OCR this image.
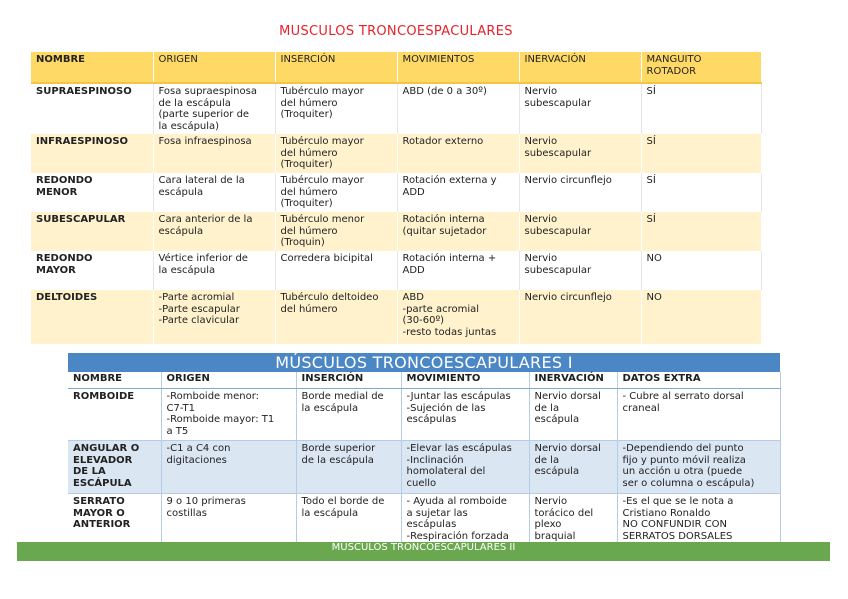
MUSCULOS TRONCOESPACULARES
NOMBRE	ORIGEN	INSERCIÓN	MOVIMIENTOS	INERVACIÓN	MANGUITO
ROTADOR
SUPRAESPINOSO	Fosa supraespinosa
de la escápula
(parte superior de
la escápula)	Tubérculo mayor
del húmero
(Troquiter)	ABD (de 0 a 30º)	Nervio
subescapular	SÍ
INFRAESPINOSO	Fosa infraespinosa	Tubérculo mayor
del húmero
(Troquiter)	Rotador externo	Nervio
subescapular	SÍ
REDONDO
MENOR	Cara lateral de la
escápula	Tubérculo mayor
del húmero
(Troquiter)	Rotación externa y
ADD	Nervio circunflejo	SÍ
SUBESCAPULAR	Cara anterior de la
escápula	Tubérculo menor
del húmero
(Troquin)	Rotación interna
(quitar sujetador	Nervio
subescapular	SÍ
REDONDO
MAYOR	Vértice inferior de
la escápula	Corredera bicipital	Rotación interna +
ADD	Nervio
subescapular	NO
DELTOIDES	-Parte acromial
-Parte escapular
-Parte clavicular	Tubérculo deltoideo
del húmero	ABD
-parte acromial
(30-60º)
-resto todas juntas	Nervio circunflejo	NO
MÚSCULOS TRONCOESCAPULARES I
NOMBRE	ORIGEN	INSERCIÓN	MOVIMIENTO	INERVACIÓN	DATOS EXTRA
ROMBOIDE	-Romboide menor:
C7-T1
-Romboide mayor: T1
a T5	Borde medial de
la escápula	-Juntar las escápulas
-Sujeción de las
escápulas	Nervio dorsal
de la
escápula	- Cubre al serrato dorsal
craneal
ANGULAR O
ELEVADOR
DE LA
ESCÁPULA	-C1 a C4 con
digitaciones	Borde superior
de la escápula	-Elevar las escápulas
-Inclinación
homolateral del
cuello	Nervio dorsal
de la
escápula	-Dependiendo del punto
fijo y punto móvil realiza
un acción u otra (puede
ser o columna o escápula)
SERRATO
MAYOR O
ANTERIOR	9 o 10 primeras
costillas	Todo el borde de
la escápula	- Ayuda al romboide
a sujetar las
escápulas
-Respiración forzada	Nervio
torácico del
plexo
braquial	-Es el que se le nota a
Cristiano Ronaldo
NO CONFUNDIR CON
SERRATOS DORSALES
MÚSCULOS TRONCOESCAPULARES II
